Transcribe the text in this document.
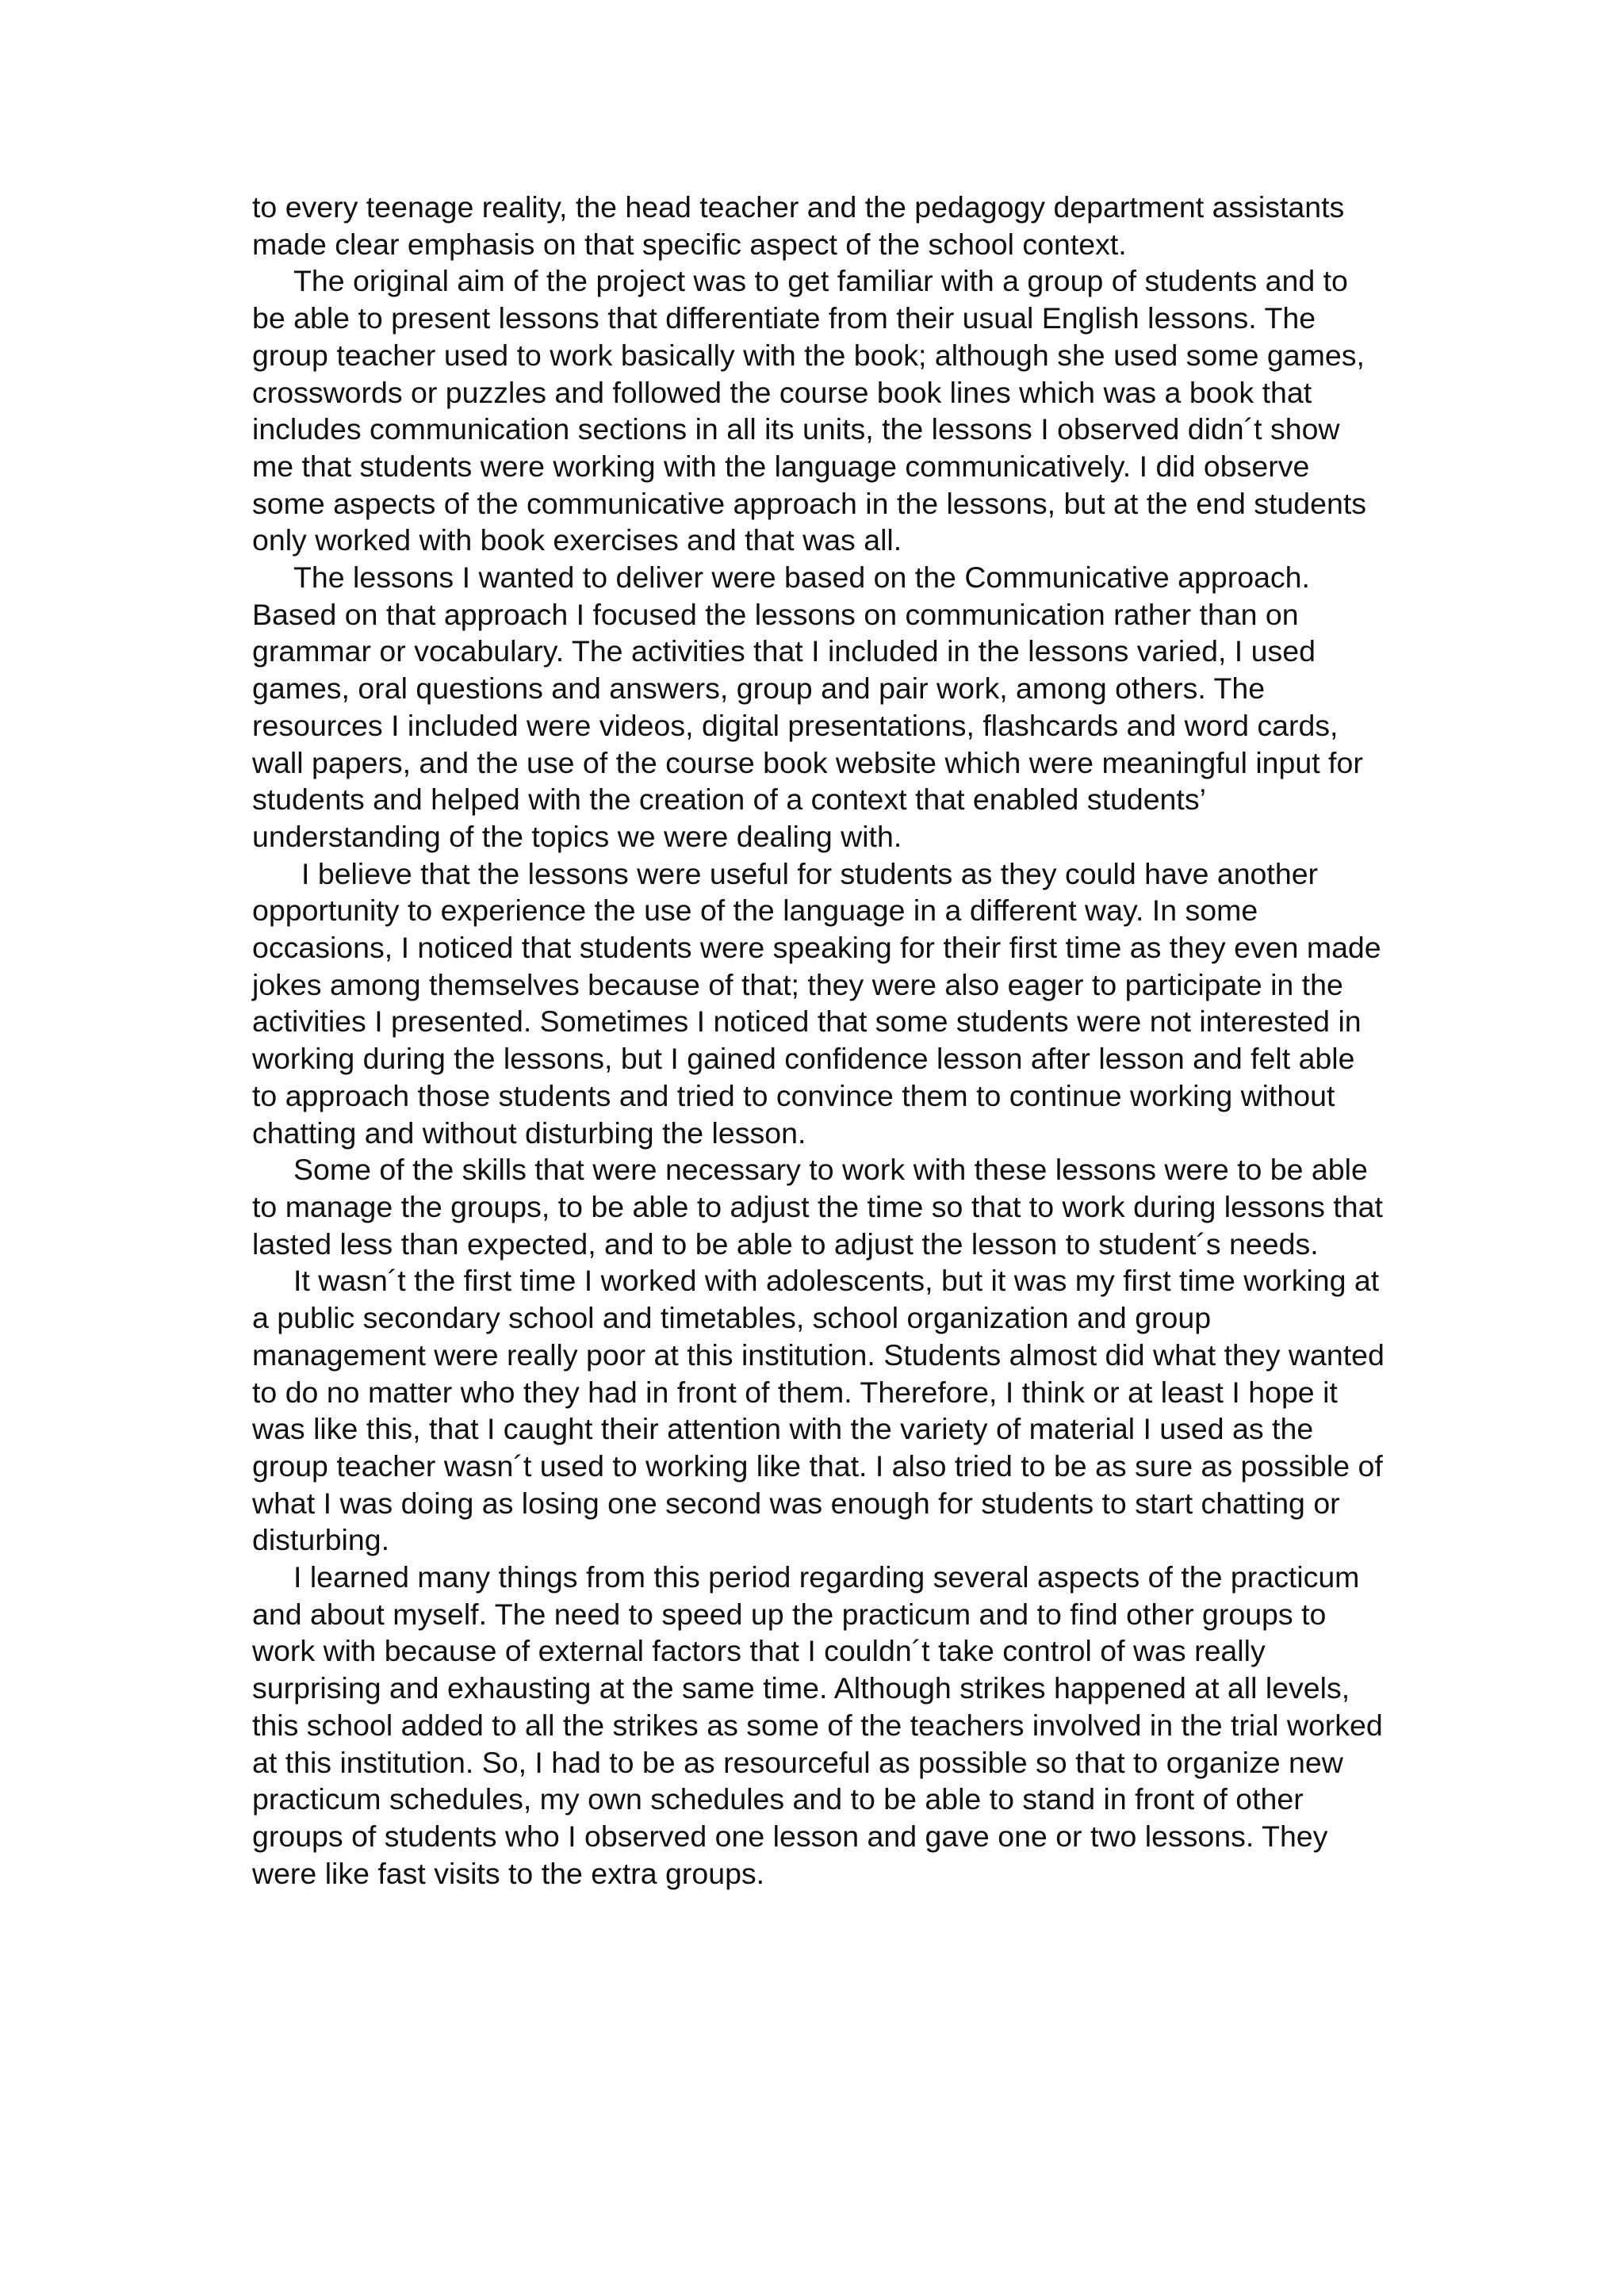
to every teenage reality, the head teacher and the pedagogy department assistants made clear emphasis on that specific aspect of the school context.

The original aim of the project was to get familiar with a group of students and to be able to present lessons that differentiate from their usual English lessons. The group teacher used to work basically with the book; although she used some games, crosswords or puzzles and followed the course book lines which was a book that includes communication sections in all its units, the lessons I observed didn´t show me that students were working with the language communicatively. I did observe some aspects of the communicative approach in the lessons, but at the end students only worked with book exercises and that was all.

The lessons I wanted to deliver were based on the Communicative approach. Based on that approach I focused the lessons on communication rather than on grammar or vocabulary. The activities that I included in the lessons varied, I used games, oral questions and answers, group and pair work, among others. The resources I included were videos, digital presentations, flashcards and word cards, wall papers, and the use of the course book website which were meaningful input for students and helped with the creation of a context that enabled students’ understanding of the topics we were dealing with.

I believe that the lessons were useful for students as they could have another opportunity to experience the use of the language in a different way. In some occasions, I noticed that students were speaking for their first time as they even made jokes among themselves because of that; they were also eager to participate in the activities I presented. Sometimes I noticed that some students were not interested in working during the lessons, but I gained confidence lesson after lesson and felt able to approach those students and tried to convince them to continue working without chatting and without disturbing the lesson.

Some of the skills that were necessary to work with these lessons were to be able to manage the groups, to be able to adjust the time so that to work during lessons that lasted less than expected, and to be able to adjust the lesson to student´s needs.

It wasn´t the first time I worked with adolescents, but it was my first time working at a public secondary school and timetables, school organization and group management were really poor at this institution. Students almost did what they wanted to do no matter who they had in front of them. Therefore, I think or at least I hope it was like this, that I caught their attention with the variety of material I used as the group teacher wasn´t used to working like that. I also tried to be as sure as possible of what I was doing as losing one second was enough for students to start chatting or disturbing.

I learned many things from this period regarding several aspects of the practicum and about myself. The need to speed up the practicum and to find other groups to work with because of external factors that I couldn´t take control of was really surprising and exhausting at the same time. Although strikes happened at all levels, this school added to all the strikes as some of the teachers involved in the trial worked at this institution. So, I had to be as resourceful as possible so that to organize new practicum schedules, my own schedules and to be able to stand in front of other groups of students who I observed one lesson and gave one or two lessons. They were like fast visits to the extra groups.
